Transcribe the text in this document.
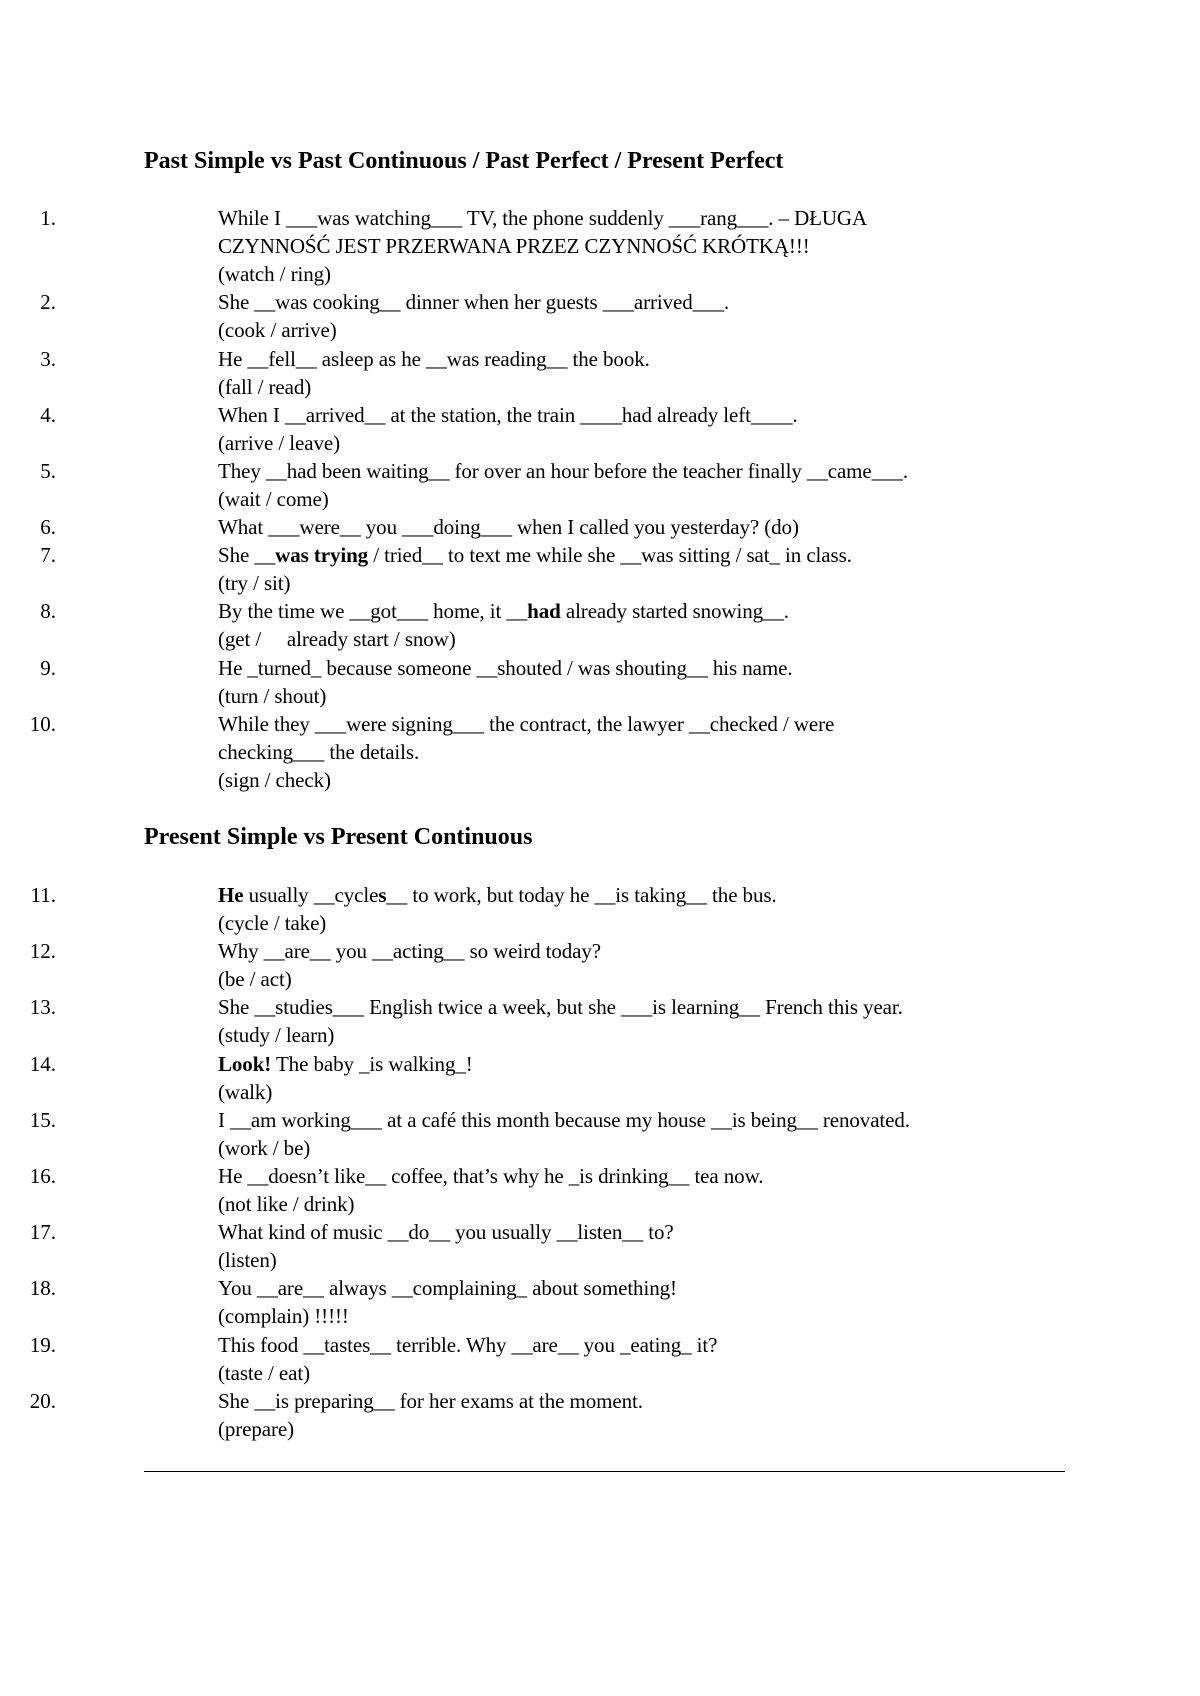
Past Simple vs Past Continuous / Past Perfect / Present Perfect
1.	While I ___was watching___ TV, the phone suddenly ___rang___. – DŁUGA
CZYNNOŚĆ JEST PRZERWANA PRZEZ CZYNNOŚĆ KRÓTKĄ!!!
(watch / ring)
2.	She __was cooking__ dinner when her guests ___arrived___.
(cook / arrive)
3.	He __fell__ asleep as he __was reading__ the book.
(fall / read)
4.	When I __arrived__ at the station, the train ____had already left____.
(arrive / leave)
5.	They __had been waiting__ for over an hour before the teacher finally __came___.
(wait / come)
6.	What ___were__ you ___doing___ when I called you yesterday? (do)
7.	She __was trying / tried__ to text me while she __was sitting / sat_ in class.
(try / sit)
8.	By the time we __got___ home, it __had already started snowing__.
(get /     already start / snow)
9.	He _turned_ because someone __shouted / was shouting__ his name.
(turn / shout)
10.	While they ___were signing___ the contract, the lawyer __checked / were
checking___ the details.
(sign / check)
Present Simple vs Present Continuous
11.	He usually __cycles__ to work, but today he __is taking__ the bus.
(cycle / take)
12.	Why __are__ you __acting__ so weird today?
(be / act)
13.	She __studies___ English twice a week, but she ___is learning__ French this year.
(study / learn)
14.	Look! The baby _is walking_!
(walk)
15.	I __am working___ at a café this month because my house __is being__ renovated.
(work / be)
16.	He __doesn’t like__ coffee, that’s why he _is drinking__ tea now.
(not like / drink)
17.	What kind of music __do__ you usually __listen__ to?
(listen)
18.	You __are__ always __complaining_ about something!
(complain) !!!!!
19.	This food __tastes__ terrible. Why __are__ you _eating_ it?
(taste / eat)
20.	She __is preparing__ for her exams at the moment.
(prepare)
